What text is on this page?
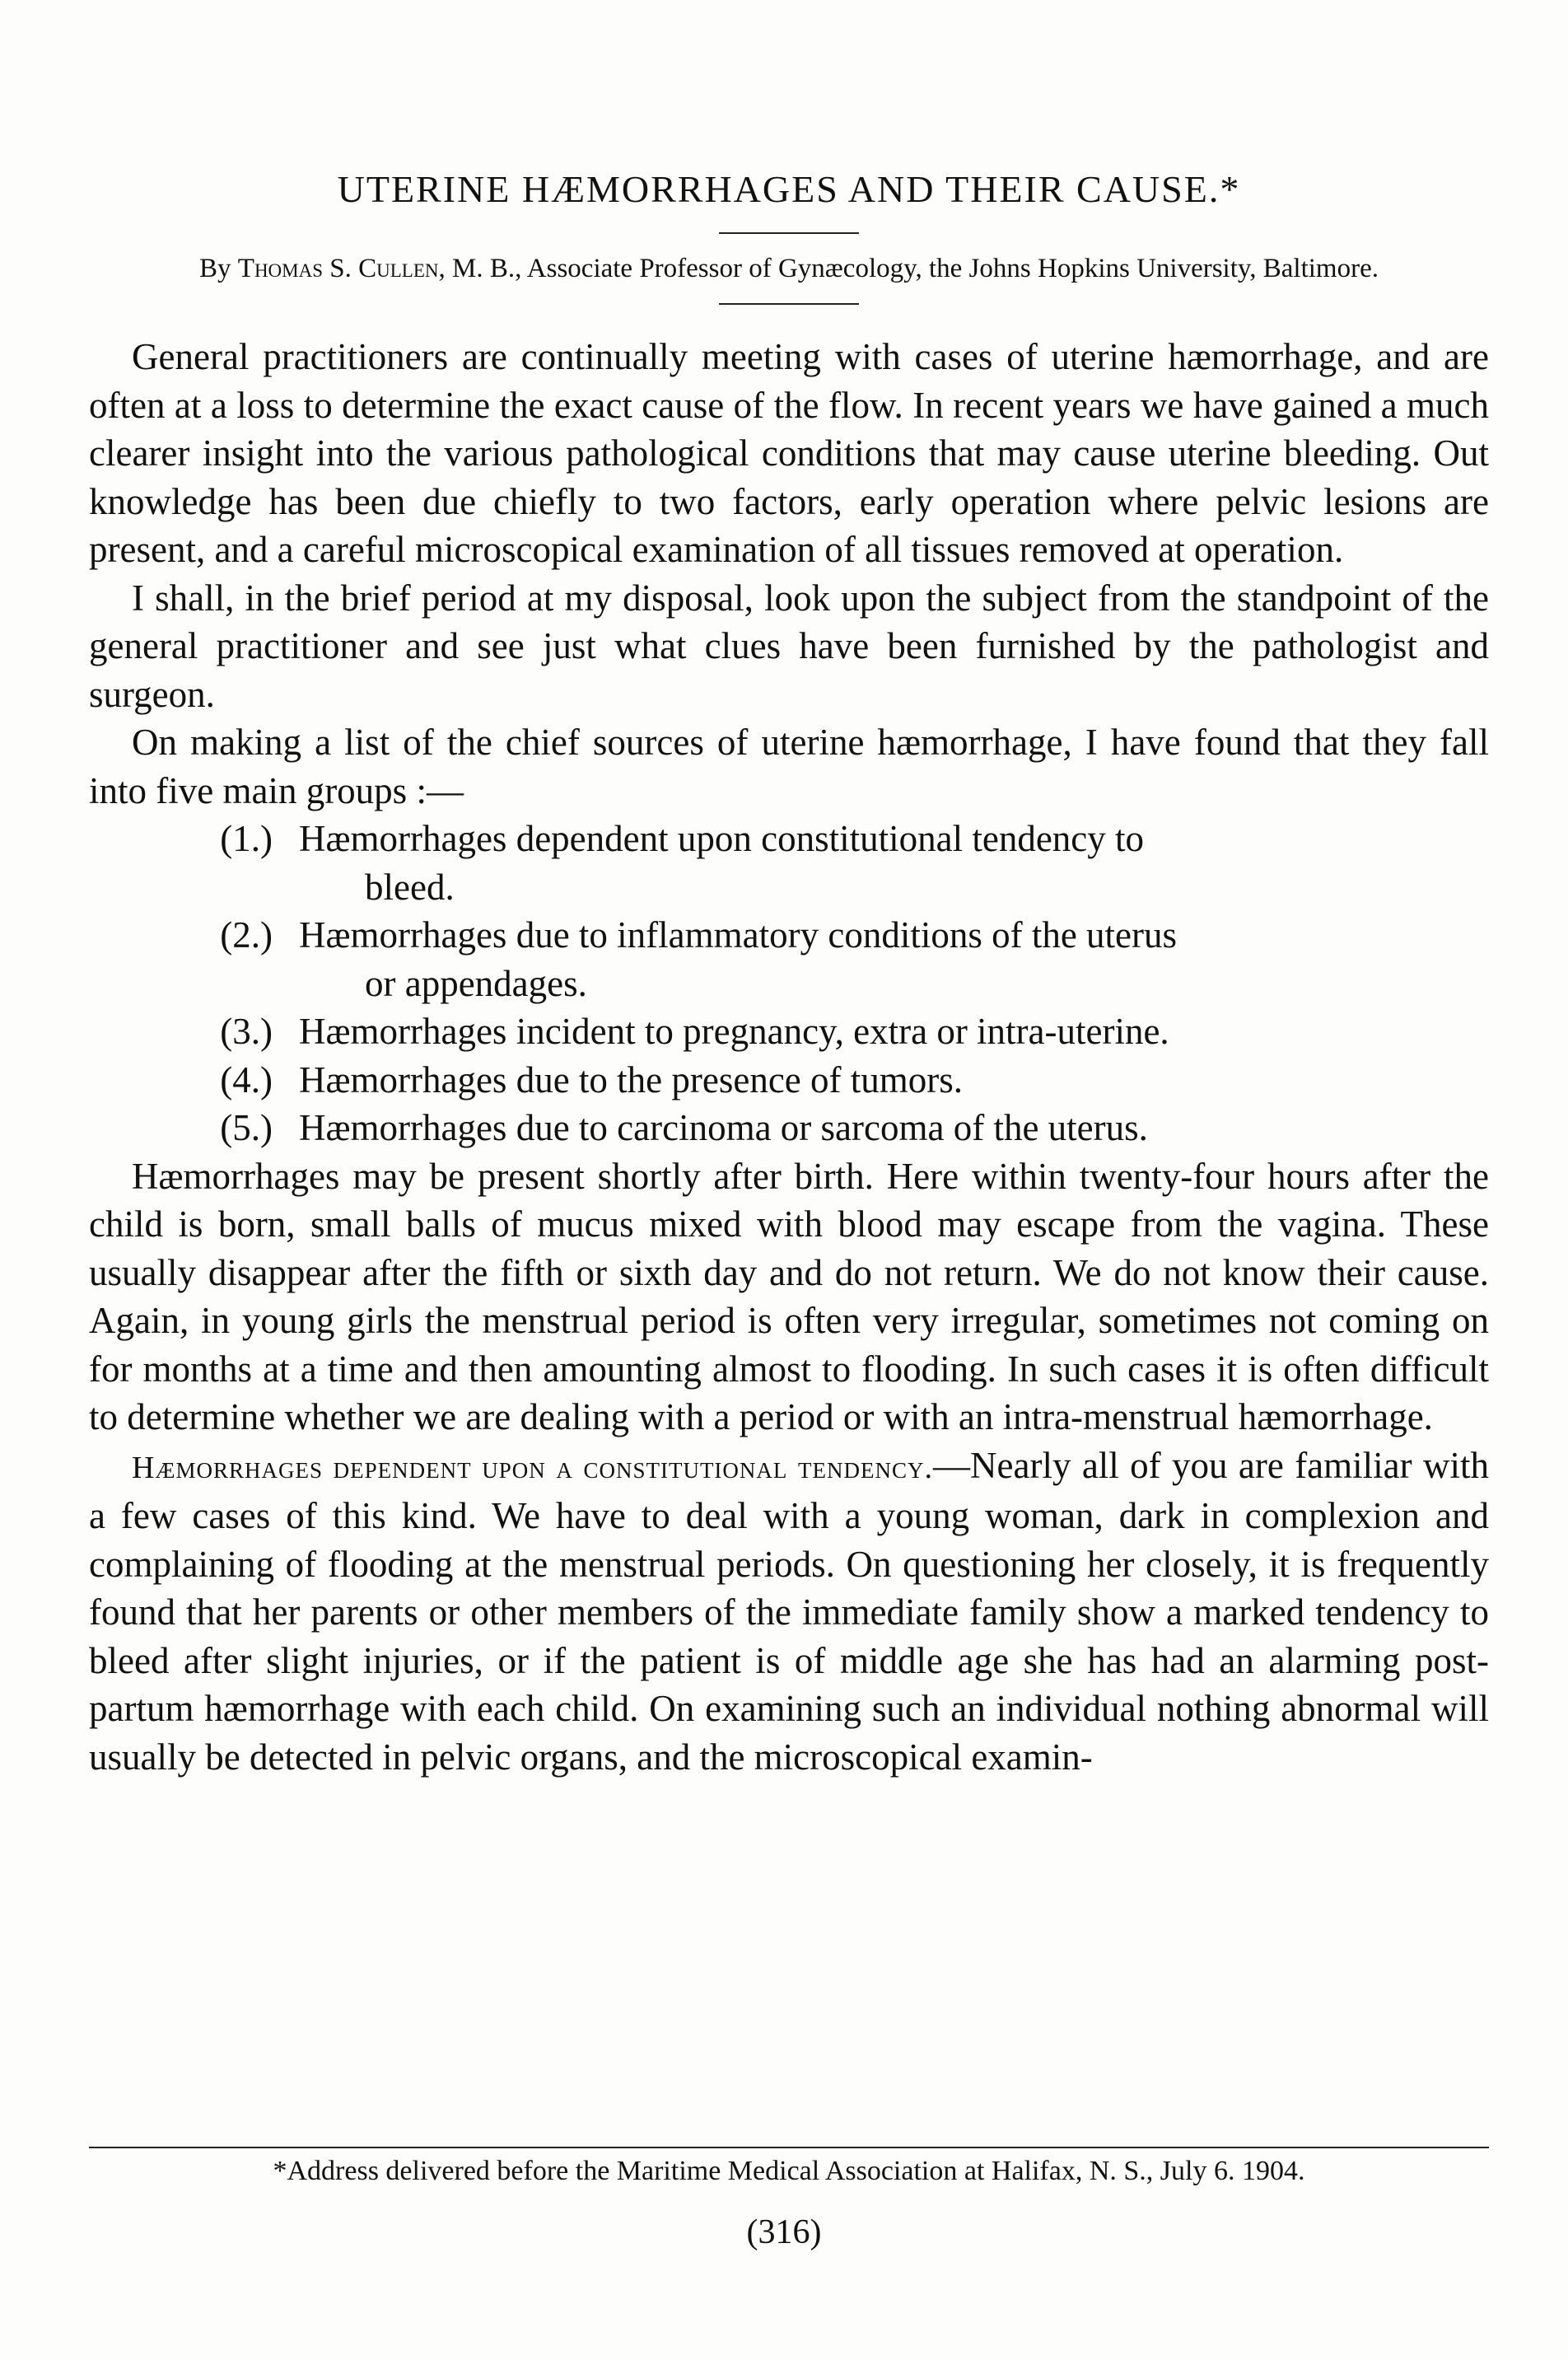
UTERINE HÆMORRHAGES AND THEIR CAUSE.*
By Thomas S. Cullen, M. B., Associate Professor of Gynæcology, the Johns Hopkins University, Baltimore.

General practitioners are continually meeting with cases of uterine hæmorrhage, and are often at a loss to determine the exact cause of the flow. In recent years we have gained a much clearer insight into the various pathological conditions that may cause uterine bleeding. Out knowledge has been due chiefly to two factors, early operation where pelvic lesions are present, and a careful microscopical examination of all tissues removed at operation.

I shall, in the brief period at my disposal, look upon the subject from the standpoint of the general practitioner and see just what clues have been furnished by the pathologist and surgeon.

On making a list of the chief sources of uterine hæmorrhage, I have found that they fall into five main groups :—

(1.) Hæmorrhages dependent upon constitutional tendency to
bleed.
(2.) Hæmorrhages due to inflammatory conditions of the uterus
or appendages.
(3.) Hæmorrhages incident to pregnancy, extra or intra-uterine.
(4.) Hæmorrhages due to the presence of tumors.
(5.) Hæmorrhages due to carcinoma or sarcoma of the uterus.

Hæmorrhages may be present shortly after birth. Here within twenty-four hours after the child is born, small balls of mucus mixed with blood may escape from the vagina. These usually disappear after the fifth or sixth day and do not return. We do not know their cause. Again, in young girls the menstrual period is often very irregular, sometimes not coming on for months at a time and then amounting almost to flooding. In such cases it is often difficult to determine whether we are dealing with a period or with an intra-menstrual hæmorrhage.

Hæmorrhages dependent upon a constitutional tendency.—Nearly all of you are familiar with a few cases of this kind. We have to deal with a young woman, dark in complexion and complaining of flooding at the menstrual periods. On questioning her closely, it is frequently found that her parents or other members of the immediate family show a marked tendency to bleed after slight injuries, or if the patient is of middle age she has had an alarming post-partum hæmorrhage with each child. On examining such an individual nothing abnormal will usually be detected in pelvic organs, and the microscopical examin-

*Address delivered before the Maritime Medical Association at Halifax, N. S., July 6. 1904.
(316)
